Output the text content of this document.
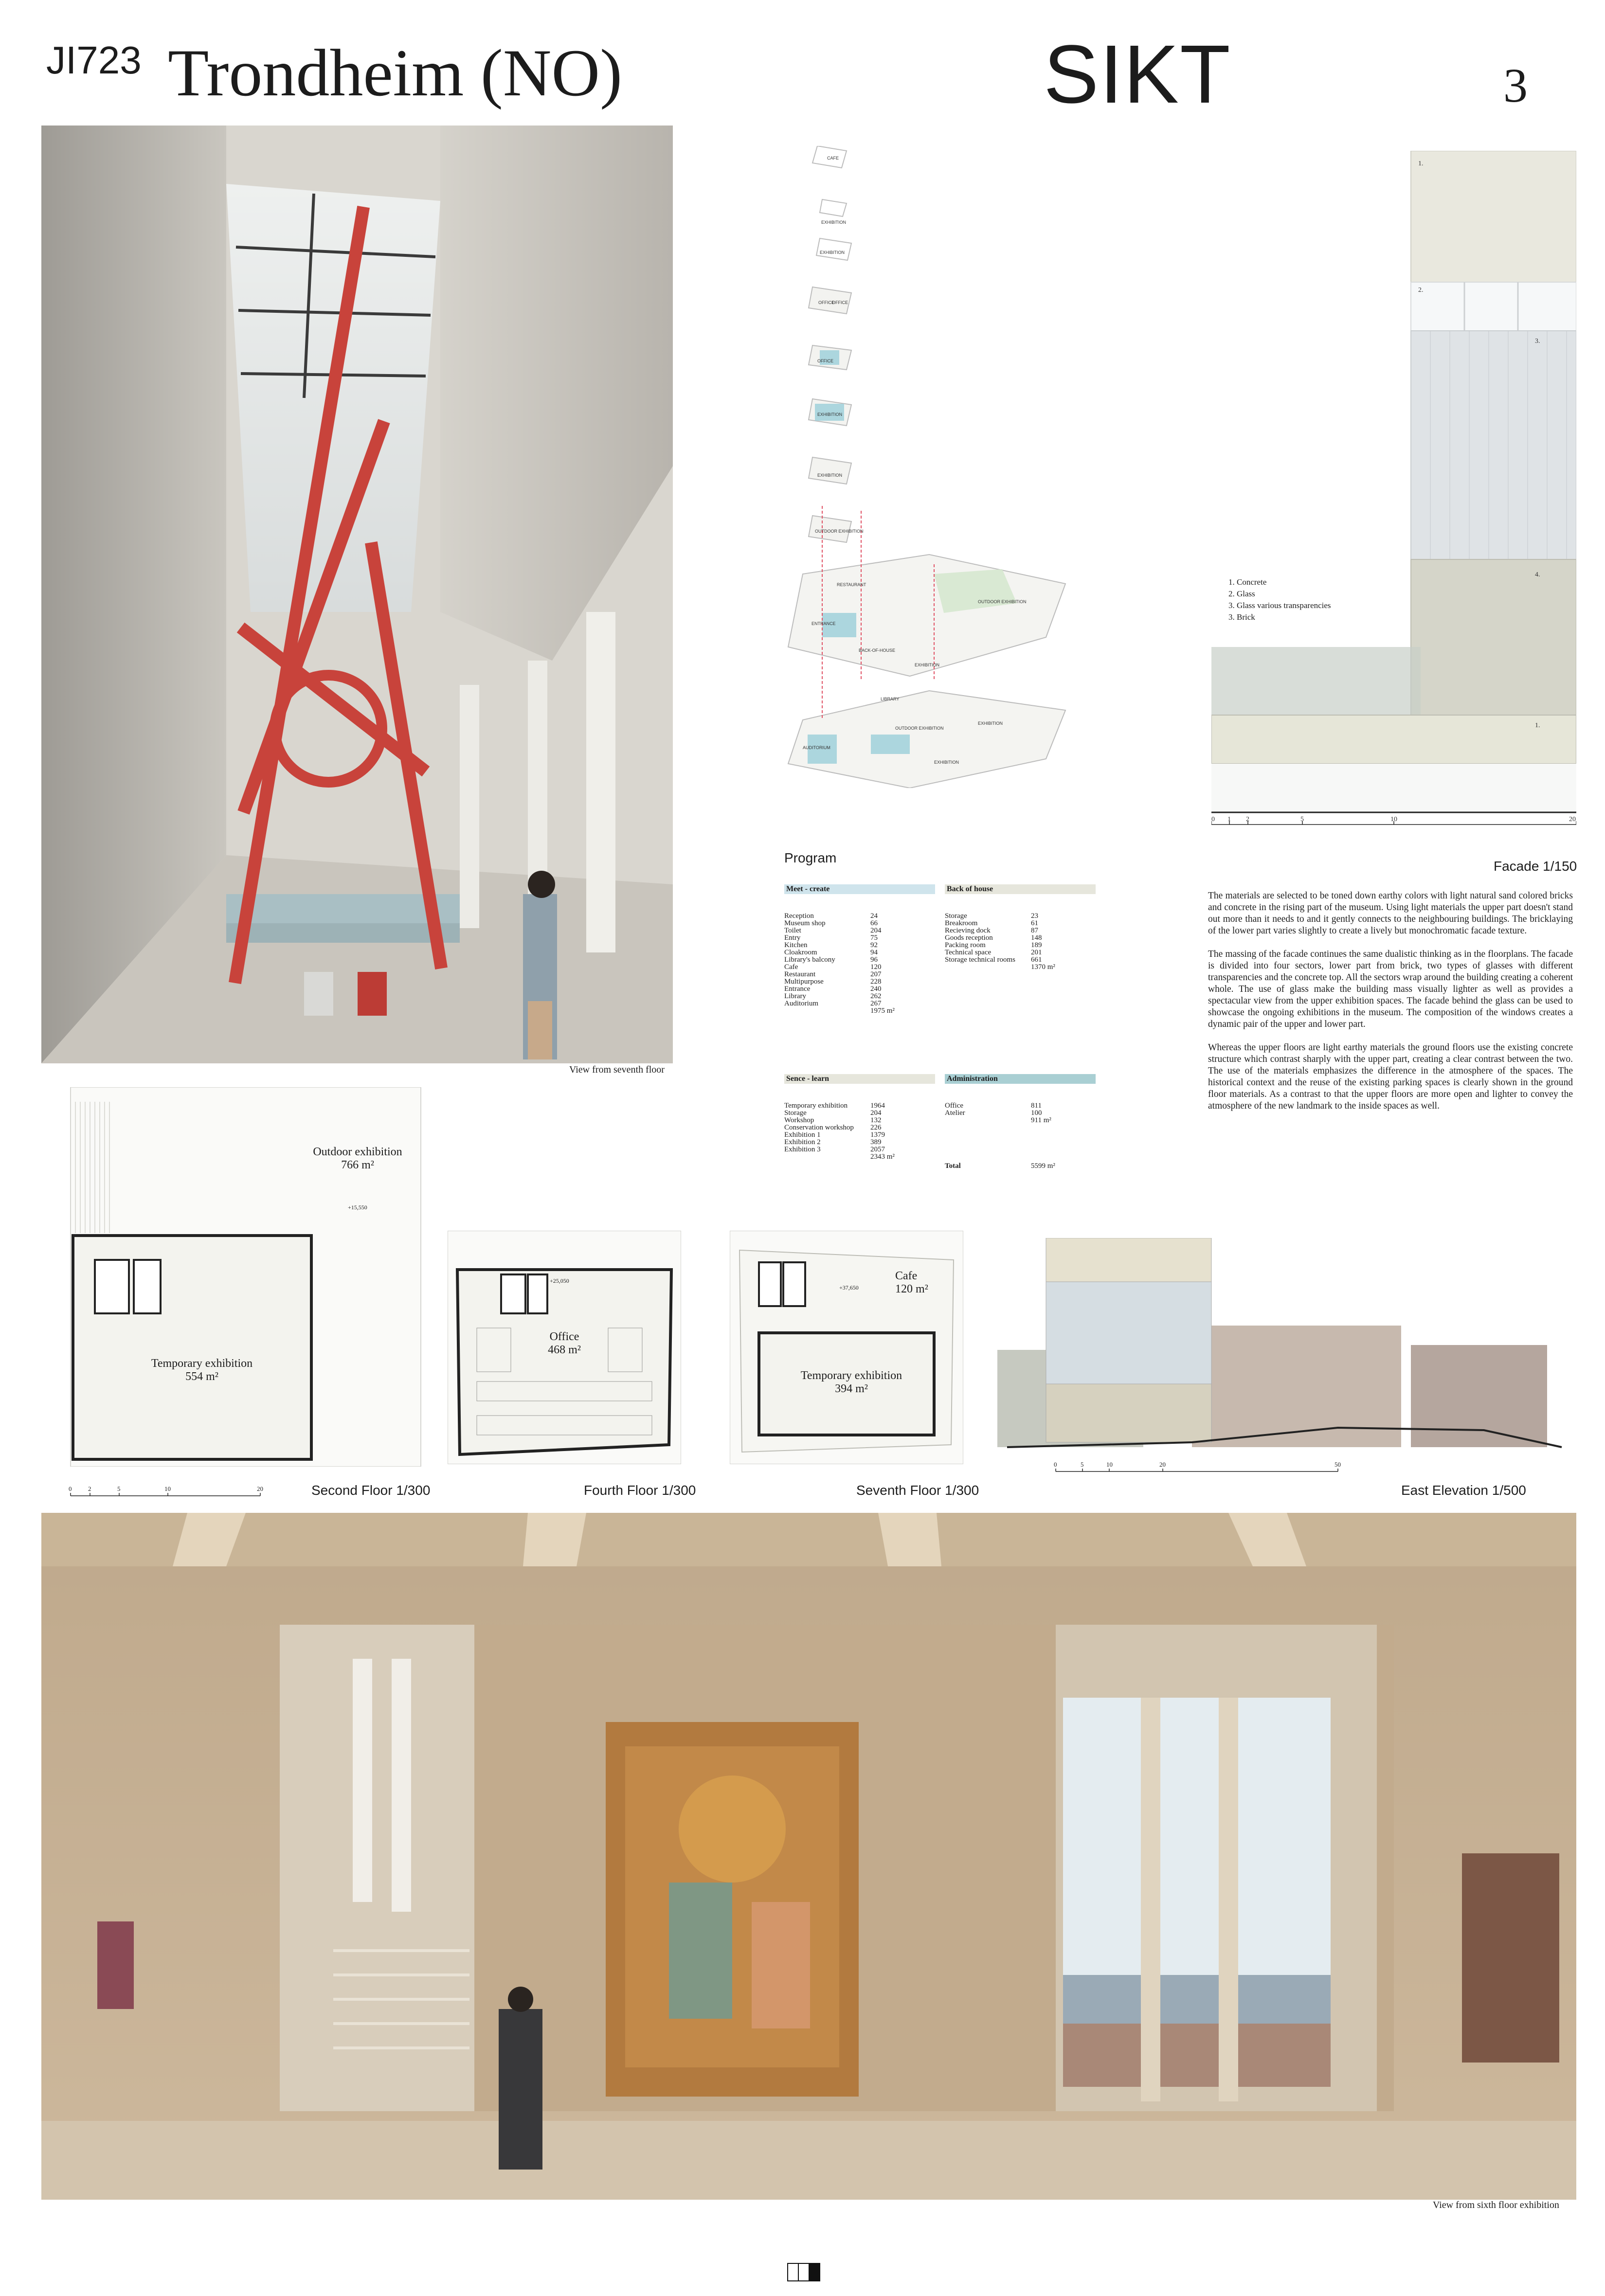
JI723 Trondheim (NO)	SIKT	3
View from seventh floor
CAFE
EXHIBITION
EXHIBITION
OFFICE
OFFICE
OFFICE
EXHIBITION
EXHIBITION
OUTDOOR EXHIBITION
RESTAURANT
ENTRANCE
OUTDOOR EXHIBITION
BACK-OF-HOUSE
EXHIBITION
LIBRARY
AUDITORIUM
OUTDOOR EXHIBITION
EXHIBITION
EXHIBITION
1.
2.
3.
4.
1.
0 1 2	5	10	20
1. Concrete
2. Glass
3. Glass various transparencies
3. Brick
Facade 1/150

The materials are selected to be toned down earthy colors with light natural sand colored bricks and concrete in the rising part of the museum. Using light materials the upper part doesn't stand out more than it needs to and it gently connects to the neighbouring buildings. The bricklaying of the lower part varies slightly to create a lively but monochromatic facade texture.

The massing of the facade continues the same dualistic thinking as in the floorplans. The facade is divided into four sectors, lower part from brick, two types of glasses with different transparencies and the concrete top. All the sectors wrap around the building creating a coherent whole. The use of glass make the building mass visually lighter as well as provides a spectacular view from the upper exhibition spaces. The facade behind the glass can be used to showcase the ongoing exhibitions in the museum. The composition of the windows creates a dynamic pair of the upper and lower part.

Whereas the upper floors are light earthy materials the ground floors use the existing concrete structure which contrast sharply with the upper part, creating a clear contrast between the two. The use of the materials emphasizes the difference in the atmosphere of the spaces. The historical context and the reuse of the existing parking spaces is clearly shown in the ground floor materials. As a contrast to that the upper floors are more open and lighter to convey the atmosphere of the new landmark to the inside spaces as well.

Program
Meet - create
Reception	24
Museum shop	66
Toilet	204
Entry	75
Kitchen	92
Cloakroom	94
Library's balcony	96
Cafe	120
Restaurant	207
Multipurpose	228
Entrance	240
Library	262
Auditorium	267
1975 m²
Back of house
Storage	23
Breakroom	61
Recieving dock	87
Goods reception	148
Packing room	189
Technical space	201
Storage technical rooms 661
1370 m²
Sence - learn
Temporary exhibition	1964
Storage	204
Workshop	132
Conservation workshop 226
Exhibition 1	1379
Exhibition 2	389
Exhibition 3	2057
2343 m²
Administration
Office	811
Atelier	100
911 m²
Total	5599 m²
Outdoor exhibition
766 m²
+15,550
Temporary exhibition
554 m²
0	2	5	10	20	Second Floor 1/300
Office
468 m²
+25,050
Fourth Floor 1/300
Cafe
120 m²
+37,650
Temporary exhibition
394 m²
Seventh Floor 1/300
0	5	10	20	50
East Elevation 1/500
View from sixth floor exhibition
